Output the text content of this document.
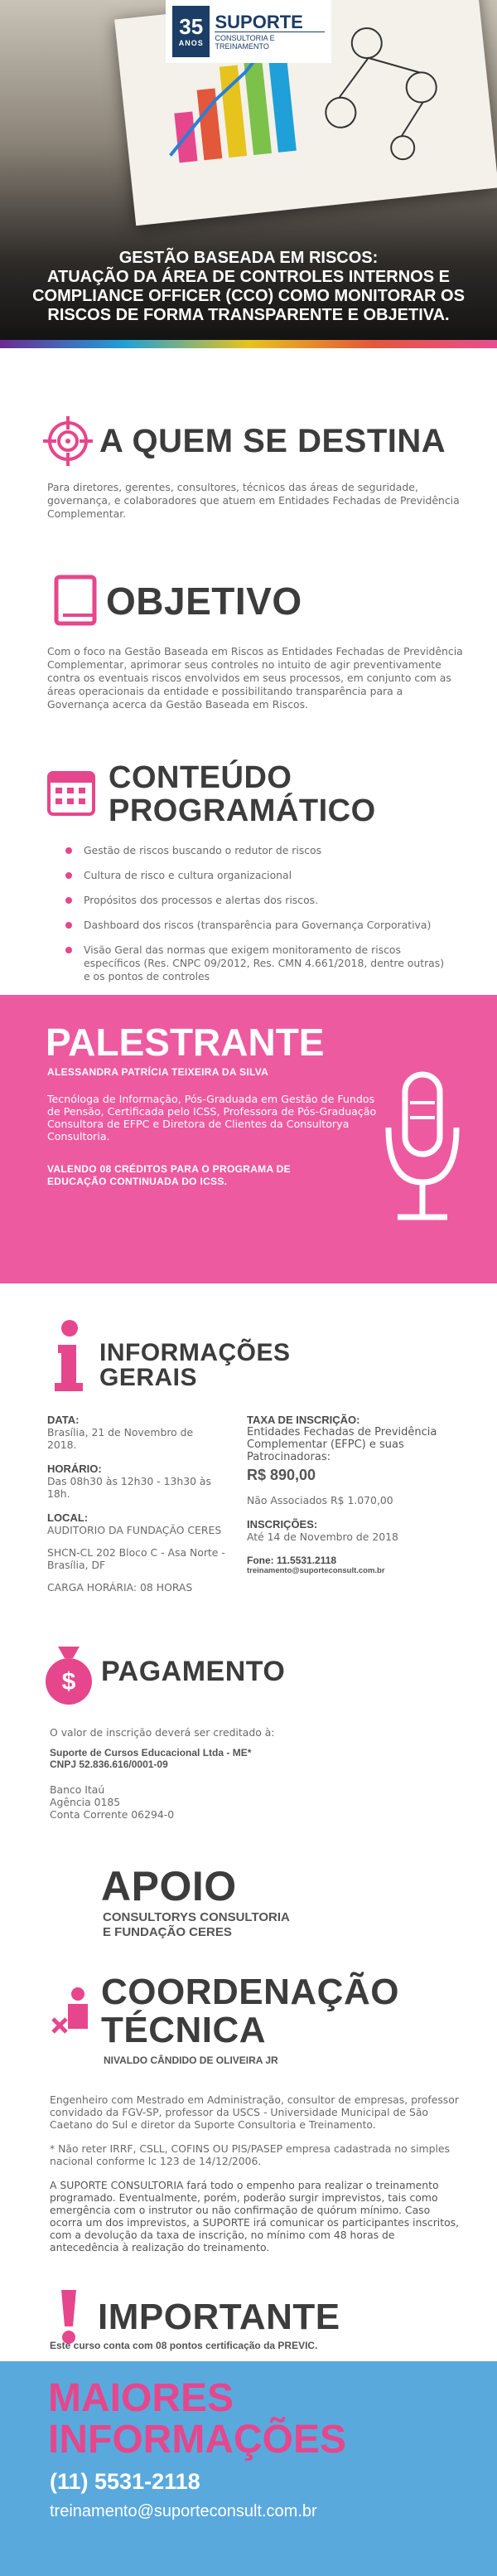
35
ANOS
SUPORTE
CONSULTORIA E TREINAMENTO
GESTÃO BASEADA EM RISCOS:
ATUAÇÃO DA ÁREA DE CONTROLES INTERNOS E COMPLIANCE OFFICER (CCO) COMO MONITORAR OS RISCOS DE FORMA TRANSPARENTE E OBJETIVA.
A QUEM SE DESTINA
Para diretores, gerentes, consultores, técnicos das áreas de seguridade, governança, e colaboradores que atuem em Entidades Fechadas de Previdência Complementar.
OBJETIVO
Com o foco na Gestão Baseada em Riscos as Entidades Fechadas de Previdência Complementar, aprimorar seus controles no intuito de agir preventivamente contra os eventuais riscos envolvidos em seus processos, em conjunto com as áreas operacionais da entidade e possibilitando transparência para a Governança acerca da Gestão Baseada em Riscos.
CONTEÚDO
PROGRAMÁTICO
Gestão de riscos buscando o redutor de riscos
Cultura de risco e cultura organizacional
Propósitos dos processos e alertas dos riscos.
Dashboard dos riscos (transparência para Governança Corporativa)
Visão Geral das normas que exigem monitoramento de riscos específicos (Res. CNPC 09/2012, Res. CMN 4.661/2018, dentre outras) e os pontos de controles
PALESTRANTE
ALESSANDRA PATRÍCIA TEIXEIRA DA SILVA
Tecnóloga de Informação, Pós-Graduada em Gestão de Fundos de Pensão, Certificada pelo ICSS, Professora de Pós-Graduação Consultora de EFPC e Diretora de Clientes da Consultorya Consultoria.
VALENDO 08 CRÉDITOS PARA O PROGRAMA DE EDUCAÇÃO CONTINUADA DO ICSS.
INFORMAÇÕES
GERAIS
DATA:
Brasília, 21 de Novembro de 2018.
HORÁRIO:
Das 08h30 às 12h30 - 13h30 às 18h.
LOCAL:
AUDITORIO DA FUNDAÇÃO CERES
SHCN-CL 202 Bloco C - Asa Norte - Brasília, DF
CARGA HORÁRIA: 08 HORAS
TAXA DE INSCRIÇÃO:
Entidades Fechadas de Previdência Complementar (EFPC) e suas Patrocinadoras:
R$ 890,00
Não Associados R$ 1.070,00
INSCRIÇÕES:
Até 14 de Novembro de 2018
Fone: 11.5531.2118
treinamento@suporteconsult.com.br
$ PAGAMENTO
O valor de inscrição deverá ser creditado à:
Suporte de Cursos Educacional Ltda - ME*
CNPJ 52.836.616/0001-09
Banco Itaú
Agência 0185
Conta Corrente 06294-0
APOIO
CONSULTORYS CONSULTORIA
E FUNDAÇÃO CERES
COORDENAÇÃO
TÉCNICA
NIVALDO CÂNDIDO DE OLIVEIRA JR
Engenheiro com Mestrado em Administração, consultor de empresas, professor convidado da FGV-SP, professor da USCS - Universidade Municipal de São Caetano do Sul e diretor da Suporte Consultoria e Treinamento.
* Não reter IRRF, CSLL, COFINS OU PIS/PASEP empresa cadastrada no simples nacional conforme lc 123 de 14/12/2006.
A SUPORTE CONSULTORIA fará todo o empenho para realizar o treinamento programado. Eventualmente, porém, poderão surgir imprevistos, tais como emergência com o instrutor ou não confirmação de quórum mínimo. Caso ocorra um dos imprevistos, a SUPORTE irá comunicar os participantes inscritos, com a devolução da taxa de inscrição, no mínimo com 48 horas de antecedência à realização do treinamento.
IMPORTANTE
Este curso conta com 08 pontos certificação da PREVIC.
MAIORES
INFORMAÇÕES
(11) 5531-2118
treinamento@suporteconsult.com.br
